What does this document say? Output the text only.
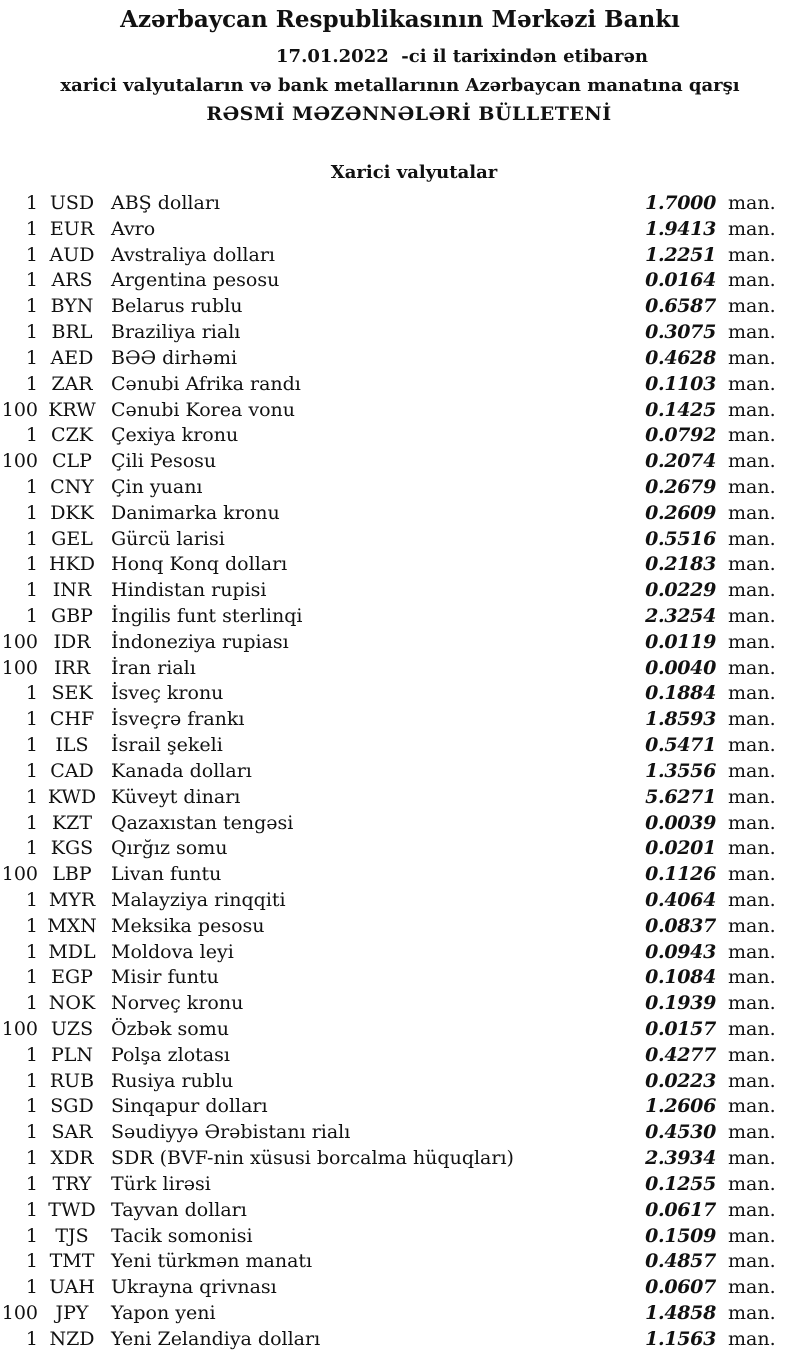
Azərbaycan Respublikasının Mərkəzi Bankı
17.01.2022  -ci il tarixindən etibarən
xarici valyutaların və bank metallarının Azərbaycan manatına qarşı
RƏSMİ MƏZƏNNƏLƏRİ BÜLLETENİ
Xarici valyutalar
1 USD ABŞ dolları	1.7000 man.
1 EUR Avro	1.9413 man.
1 AUD Avstraliya dolları	1.2251 man.
1 ARS Argentina pesosu	0.0164 man.
1 BYN Belarus rublu	0.6587 man.
1 BRL Braziliya rialı	0.3075 man.
1 AED BƏƏ dirhəmi	0.4628 man.
1 ZAR Cənubi Afrika randı	0.1103 man.
100 KRW Cənubi Korea vonu	0.1425 man.
1 CZK Çexiya kronu	0.0792 man.
100 CLP	Çili Pesosu	0.2074 man.
1 CNY Çin yuanı	0.2679 man.
1 DKK Danimarka kronu	0.2609 man.
1 GEL Gürcü larisi	0.5516 man.
1 HKD Honq Konq dolları	0.2183 man.
1 INR	Hindistan rupisi	0.0229 man.
1 GBP İngilis funt sterlinqi	2.3254 man.
100 IDR	İndoneziya rupiası	0.0119 man.
100 IRR	İran rialı	0.0040 man.
1 SEK İsveç kronu	0.1884 man.
1 CHF İsveçrə frankı	1.8593 man.
1 ILS	İsrail şekeli	0.5471 man.
1 CAD Kanada dolları	1.3556 man.
1 KWD Küveyt dinarı	5.6271 man.
1 KZT Qazaxıstan tengəsi	0.0039 man.
1 KGS Qırğız somu	0.0201 man.
100 LBP	Livan funtu	0.1126 man.
1 MYR Malayziya rinqqiti	0.4064 man.
1 MXN Meksika pesosu	0.0837 man.
1 MDL Moldova leyi	0.0943 man.
1 EGP Misir funtu	0.1084 man.
1 NOK Norveç kronu	0.1939 man.
100 UZS Özbək somu	0.0157 man.
1 PLN Polşa zlotası	0.4277 man.
1 RUB Rusiya rublu	0.0223 man.
1 SGD Sinqapur dolları	1.2606 man.
1 SAR Səudiyyə Ərəbistanı rialı	0.4530 man.
1 XDR SDR (BVF-nin xüsusi borcalma hüquqları)	2.3934 man.
1 TRY	Türk lirəsi	0.1255 man.
1 TWD Tayvan dolları	0.0617 man.
1 TJS	Tacik somonisi	0.1509 man.
1 TMT Yeni türkmən manatı	0.4857 man.
1 UAH Ukrayna qrivnası	0.0607 man.
100 JPY	Yapon yeni	1.4858 man.
1 NZD Yeni Zelandiya dolları	1.1563 man.
